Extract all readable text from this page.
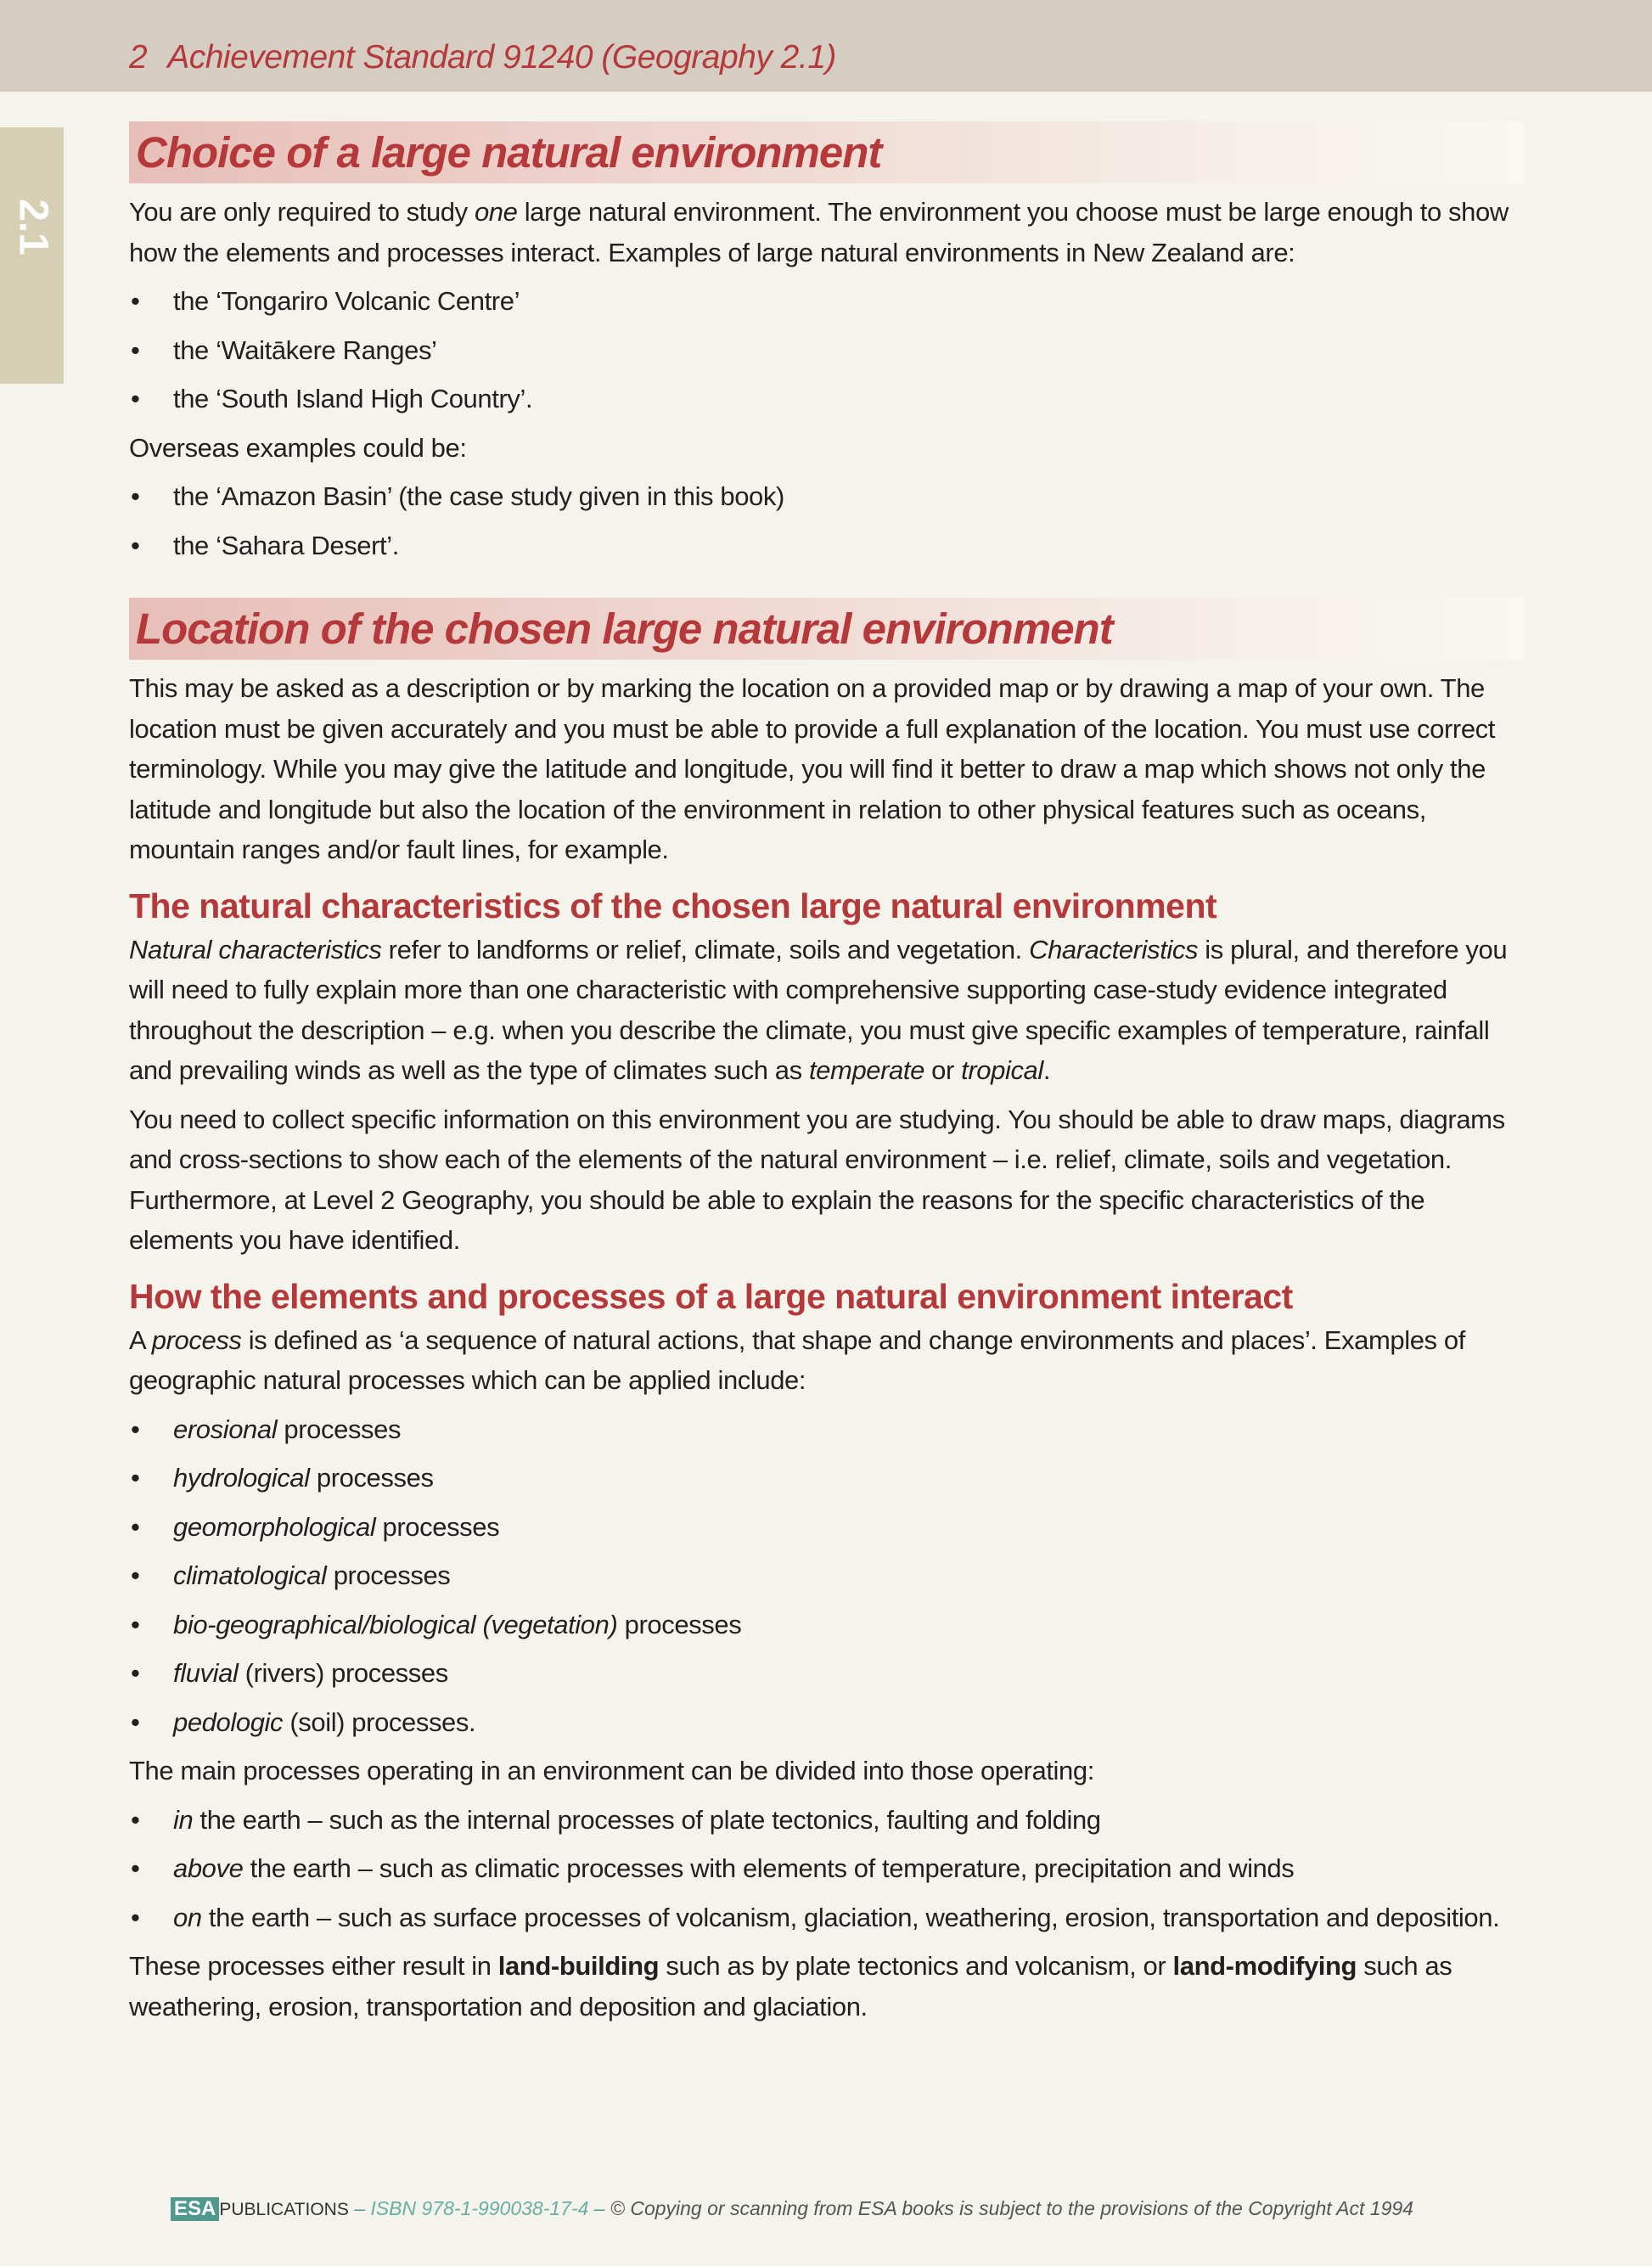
2 Achievement Standard 91240 (Geography 2.1)
2.1
Choice of a large natural environment

You are only required to study one large natural environment. The environment you choose must be large enough to show how the elements and processes interact. Examples of large natural environments in New Zealand are:

• the ‘Tongariro Volcanic Centre’
• the ‘Waitākere Ranges’
• the ‘South Island High Country’.

Overseas examples could be:

• the ‘Amazon Basin’ (the case study given in this book)
• the ‘Sahara Desert’.
Location of the chosen large natural environment

This may be asked as a description or by marking the location on a provided map or by drawing a map of your own. The location must be given accurately and you must be able to provide a full explanation of the location. You must use correct terminology. While you may give the latitude and longitude, you will find it better to draw a map which shows not only the latitude and longitude but also the location of the environment in relation to other physical features such as oceans, mountain ranges and/or fault lines, for example.

The natural characteristics of the chosen large natural environment

Natural characteristics refer to landforms or relief, climate, soils and vegetation. Characteristics is plural, and therefore you will need to fully explain more than one characteristic with comprehensive supporting case-study evidence integrated throughout the description – e.g. when you describe the climate, you must give specific examples of temperature, rainfall and prevailing winds as well as the type of climates such as temperate or tropical.

You need to collect specific information on this environment you are studying. You should be able to draw maps, diagrams and cross-sections to show each of the elements of the natural environment – i.e. relief, climate, soils and vegetation. Furthermore, at Level 2 Geography, you should be able to explain the reasons for the specific characteristics of the elements you have identified.

How the elements and processes of a large natural environment interact

A process is defined as ‘a sequence of natural actions, that shape and change environments and places’. Examples of geographic natural processes which can be applied include:

• erosional processes
• hydrological processes
• geomorphological processes
• climatological processes
• bio-geographical/biological (vegetation) processes
• fluvial (rivers) processes
• pedologic (soil) processes.

The main processes operating in an environment can be divided into those operating:

• in the earth – such as the internal processes of plate tectonics, faulting and folding
• above the earth – such as climatic processes with elements of temperature, precipitation and winds
• on the earth – such as surface processes of volcanism, glaciation, weathering, erosion, transportation and deposition.

These processes either result in land-building such as by plate tectonics and volcanism, or land-modifying such as weathering, erosion, transportation and deposition and glaciation.

ESA PUBLICATIONS – ISBN 978-1-990038-17-4 – © Copying or scanning from ESA books is subject to the provisions of the Copyright Act 1994
